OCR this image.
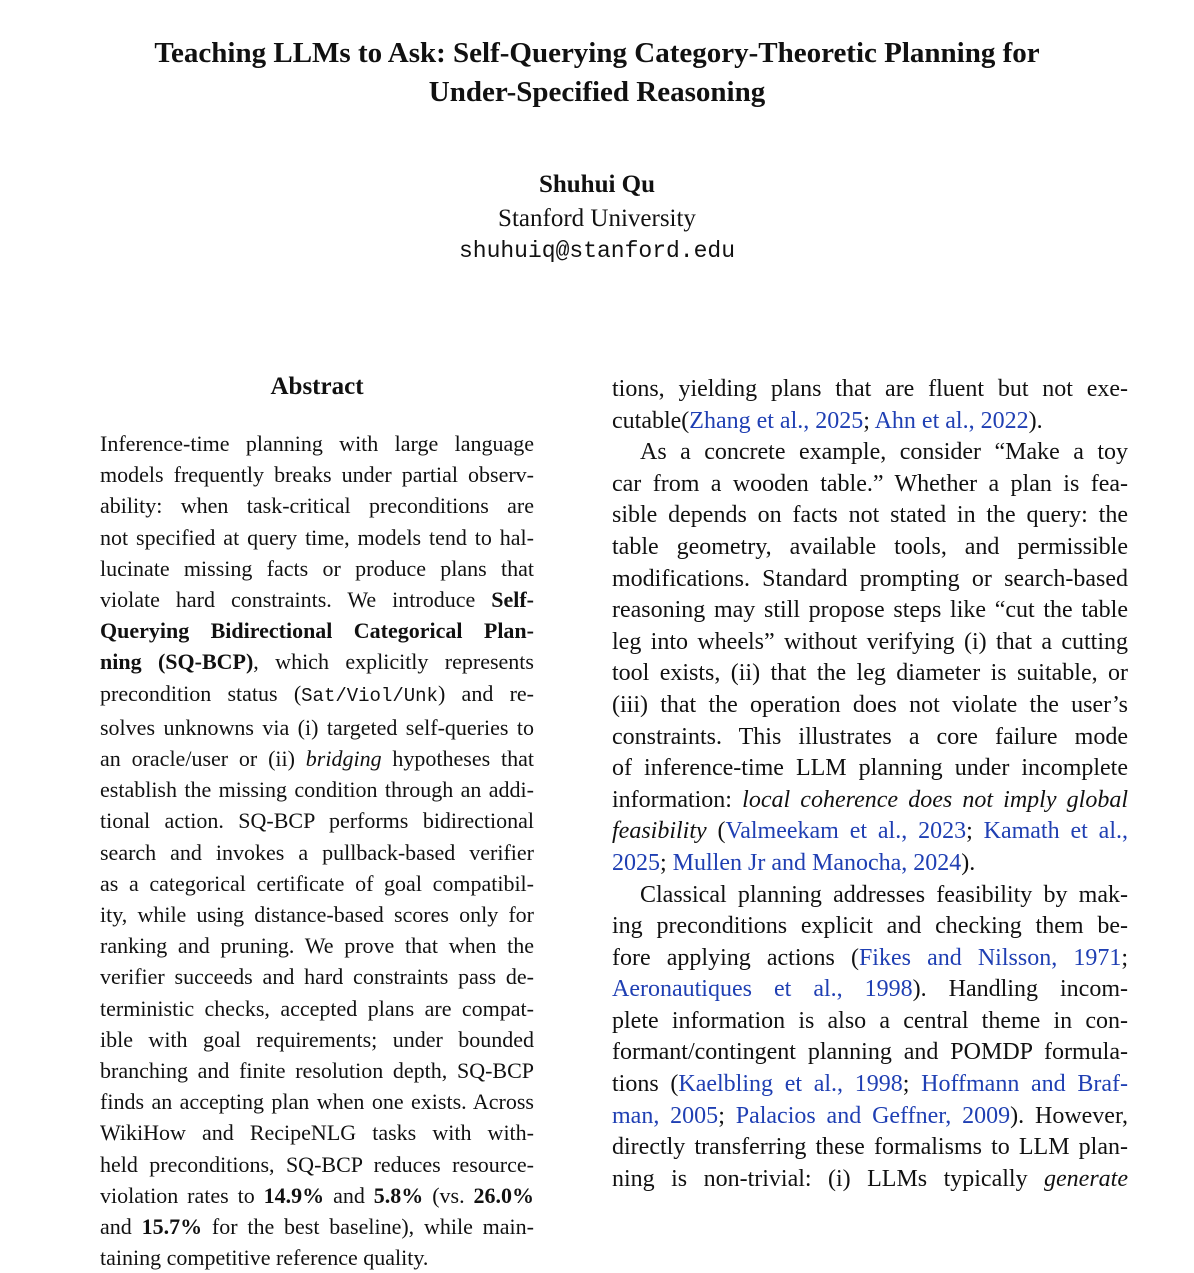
Teaching LLMs to Ask: Self-Querying Category-Theoretic Planning for
Under-Specified Reasoning
Shuhui Qu
Stanford University
shuhuiq@stanford.edu
Abstract
Inference-time planning with large language
models frequently breaks under partial observ-
ability: when task-critical preconditions are
not specified at query time, models tend to hal-
lucinate missing facts or produce plans that
violate hard constraints. We introduce Self-
Querying Bidirectional Categorical Plan-
ning (SQ-BCP), which explicitly represents
precondition status (Sat/Viol/Unk) and re-
solves unknowns via (i) targeted self-queries to
an oracle/user or (ii) bridging hypotheses that
establish the missing condition through an addi-
tional action. SQ-BCP performs bidirectional
search and invokes a pullback-based verifier
as a categorical certificate of goal compatibil-
ity, while using distance-based scores only for
ranking and pruning. We prove that when the
verifier succeeds and hard constraints pass de-
terministic checks, accepted plans are compat-
ible with goal requirements; under bounded
branching and finite resolution depth, SQ-BCP
finds an accepting plan when one exists. Across
WikiHow and RecipeNLG tasks with with-
held preconditions, SQ-BCP reduces resource-
violation rates to 14.9% and 5.8% (vs. 26.0%
and 15.7% for the best baseline), while main-
taining competitive reference quality.
tions, yielding plans that are fluent but not exe-
cutable(Zhang et al., 2025; Ahn et al., 2022).
As a concrete example, consider “Make a toy
car from a wooden table.” Whether a plan is fea-
sible depends on facts not stated in the query: the
table geometry, available tools, and permissible
modifications. Standard prompting or search-based
reasoning may still propose steps like “cut the table
leg into wheels” without verifying (i) that a cutting
tool exists, (ii) that the leg diameter is suitable, or
(iii) that the operation does not violate the user’s
constraints. This illustrates a core failure mode
of inference-time LLM planning under incomplete
information: local coherence does not imply global
feasibility (Valmeekam et al., 2023; Kamath et al.,
2025; Mullen Jr and Manocha, 2024).
Classical planning addresses feasibility by mak-
ing preconditions explicit and checking them be-
fore applying actions (Fikes and Nilsson, 1971;
Aeronautiques et al., 1998). Handling incom-
plete information is also a central theme in con-
formant/contingent planning and POMDP formula-
tions (Kaelbling et al., 1998; Hoffmann and Braf-
man, 2005; Palacios and Geffner, 2009). However,
directly transferring these formalisms to LLM plan-
ning is non-trivial: (i) LLMs typically generate
